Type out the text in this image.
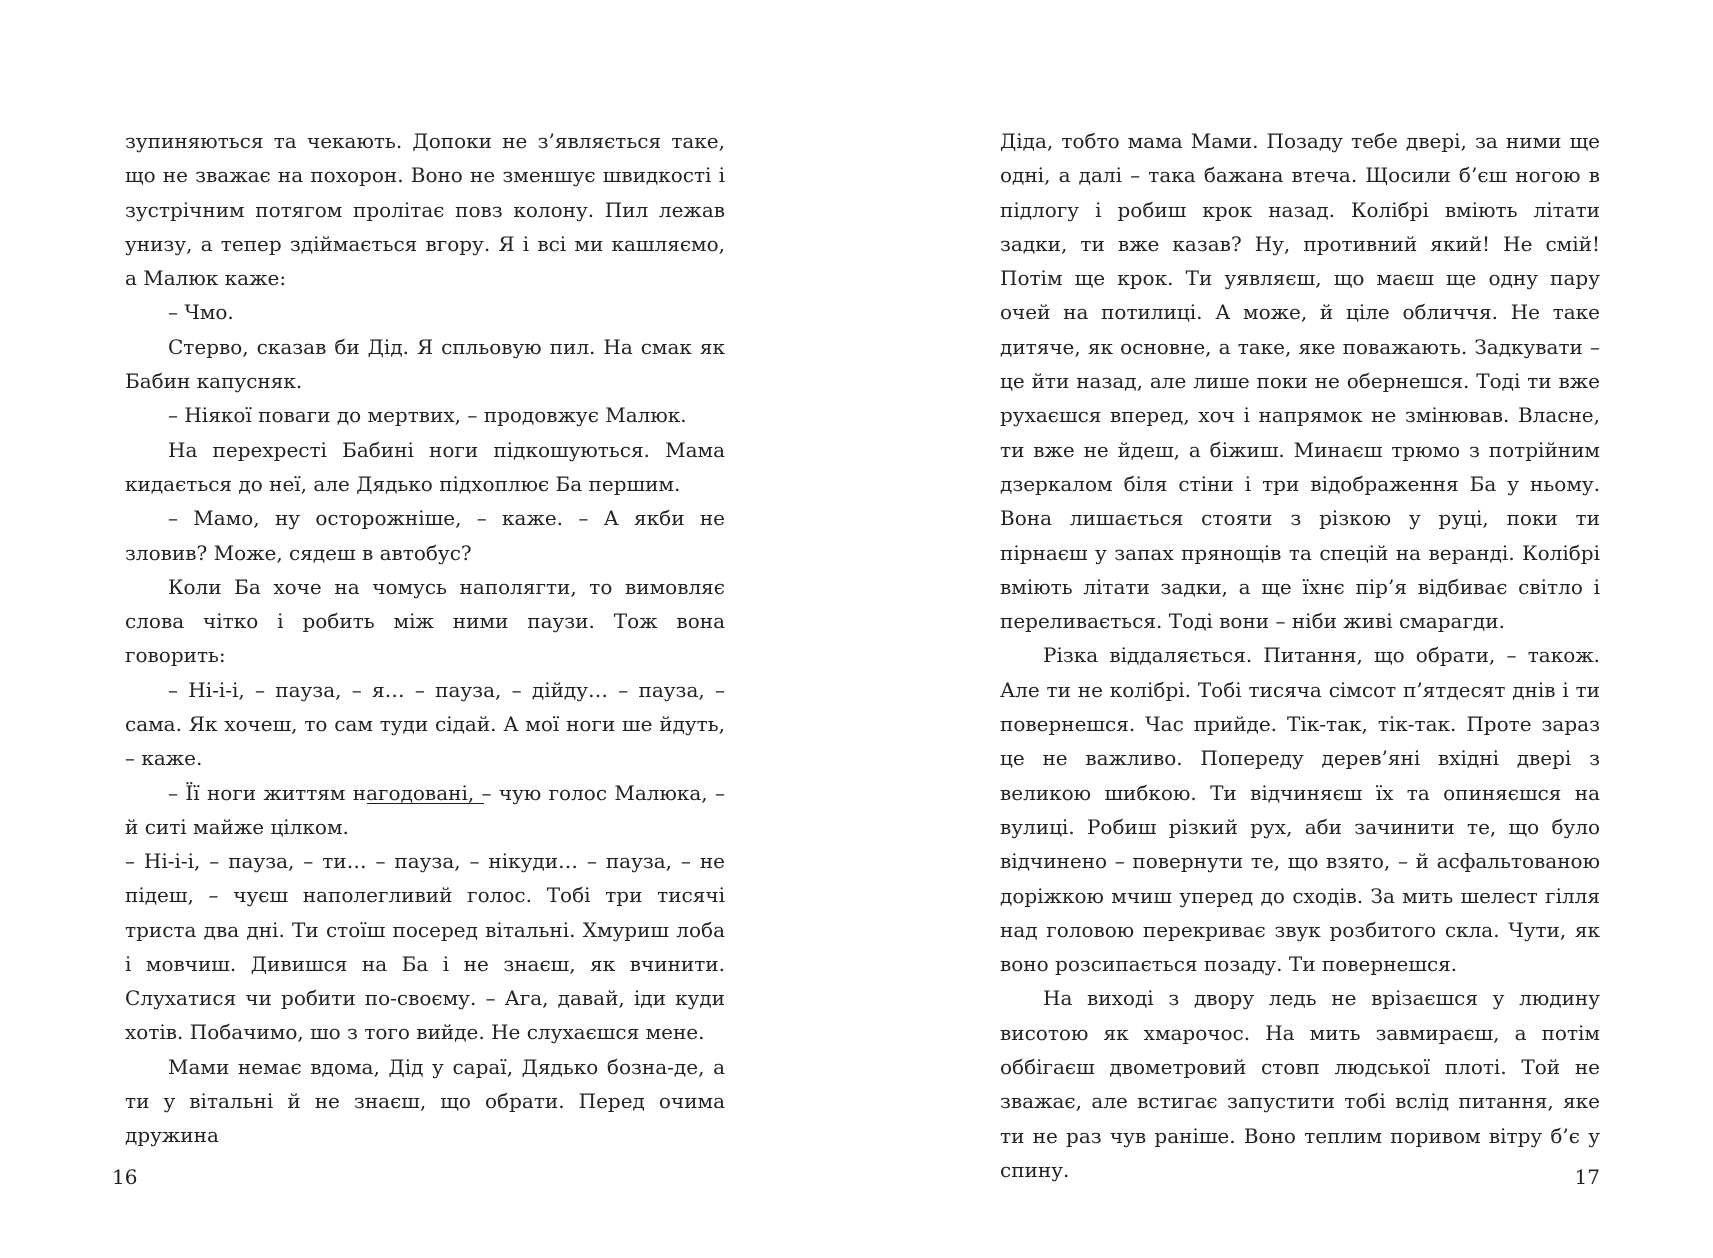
зупиняються та чекають. Допоки не з’являється таке, що не зважає на похорон. Воно не зменшує швидкості і зустрічним потягом пролітає повз колону. Пил лежав унизу, а тепер здіймається вгору. Я і всі ми кашляємо, а Малюк каже:

– Чмо.

Стерво, сказав би Дід. Я спльовую пил. На смак як Бабин капусняк.

– Ніякої поваги до мертвих, – продовжує Малюк.

На перехресті Бабині ноги підкошуються. Мама кидається до неї, але Дядько підхоплює Ба першим.

– Мамо, ну осторожніше, – каже. – А якби не зловив? Може, сядеш в автобус?

Коли Ба хоче на чомусь наполягти, то вимовляє слова чітко і робить між ними паузи. Тож вона говорить:

– Ні-і-і, – пауза, – я… – пауза, – дійду… – пауза, – сама. Як хочеш, то сам туди сідай. А мої ноги ше йдуть, – каже.

– Її ноги життям нагодовані, – чую голос Малюка, – й ситі майже цілком.

– Ні-і-і, – пауза, – ти… – пауза, – нікуди… – пауза, – не підеш, – чуєш наполегливий голос. Тобі три тисячі триста два дні. Ти стоїш посеред вітальні. Хмуриш лоба і мовчиш. Дивишся на Ба і не знаєш, як вчинити. Слухатися чи робити по-своєму. – Ага, давай, іди куди хотів. Побачимо, шо з того вийде. Не слухаєшся мене.

Мами немає вдома, Дід у сараї, Дядько бозна-де, а ти у вітальні й не знаєш, що обрати. Перед очима дружина

16

Діда, тобто мама Мами. Позаду тебе двері, за ними ще одні, а далі – така бажана втеча. Щосили б’єш ногою в підлогу і робиш крок назад. Колібрі вміють літати задки, ти вже казав? Ну, противний який! Не смій! Потім ще крок. Ти уявляєш, що маєш ще одну пару очей на потилиці. А може, й ціле обличчя. Не таке дитяче, як основне, а таке, яке поважають. Задкувати – це йти назад, але лише поки не обернешся. Тоді ти вже рухаєшся вперед, хоч і напрямок не змінював. Власне, ти вже не йдеш, а біжиш. Минаєш трюмо з потрійним дзеркалом біля стіни і три відображення Ба у ньому. Вона лишається стояти з різкою у руці, поки ти пірнаєш у запах прянощів та спецій на веранді. Колібрі вміють літати задки, а ще їхнє пір’я відбиває світло і переливається. Тоді вони – ніби живі смарагди.

Різка віддаляється. Питання, що обрати, – також. Але ти не колібрі. Тобі тисяча сімсот п’ятдесят днів і ти повернешся. Час прийде. Тік-так, тік-так. Проте зараз це не важливо. Попереду дерев’яні вхідні двері з великою шибкою. Ти відчиняєш їх та опиняєшся на вулиці. Робиш різкий рух, аби зачинити те, що було відчинено – повернути те, що взято, – й асфальтованою доріжкою мчиш уперед до сходів. За мить шелест гілля над головою перекриває звук розбитого скла. Чути, як воно розсипається позаду. Ти повернешся.

На виході з двору ледь не врізаєшся у людину висотою як хмарочос. На мить завмираєш, а потім оббігаєш двометровий стовп людської плоті. Той не зважає, але встигає запустити тобі вслід питання, яке ти не раз чув раніше. Воно теплим поривом вітру б’є у спину.	17
